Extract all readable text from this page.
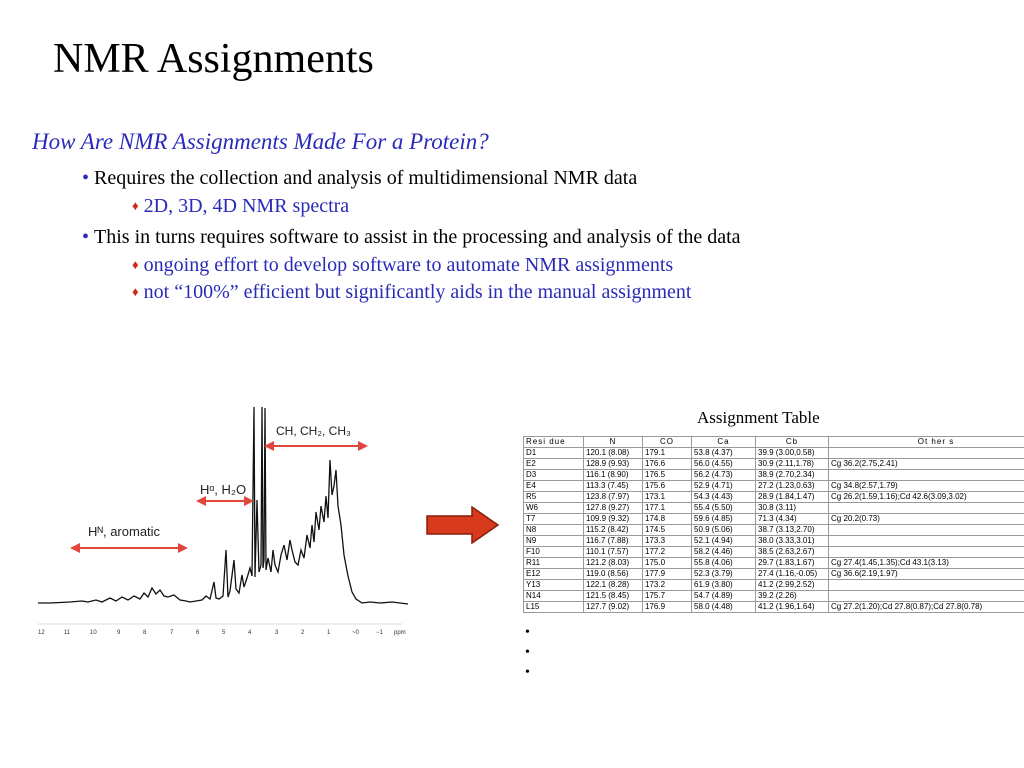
NMR Assignments
How Are NMR Assignments Made For a Protein?
• Requires the collection and analysis of multidimensional NMR data
♦ 2D, 3D, 4D NMR spectra
• This in turns requires software to assist in the processing and analysis of the data
♦ ongoing effort to develop software to automate NMR assignments
♦ not “100%” efficient but significantly aids in the manual assignment
Hᴺ, aromatic
Hᵅ, H₂O
CH, CH₂, CH₃
12	11	10	9	8	7	6	5	4	3	2	1	~0	−1 ppm
Assignment Table
Resi due	N	CO	Ca	Cb	Ot her s
D1	120.1 (8.08)	179.1	53.8 (4.37)	39.9 (3.00,0.58)	
E2	128.9 (9.93)	176.6	56.0 (4.55)	30.9 (2.11,1.78)	Cg 36.2(2.75,2.41)
D3	116.1 (8.90)	176.5	56.2 (4.73)	38.9 (2.70,2.34)	
E4	113.3 (7.45)	175.6	52.9 (4.71)	27.2 (1.23,0.63)	Cg 34.8(2.57,1.79)
R5	123.8 (7.97)	173.1	54.3 (4.43)	28.9 (1.84,1.47)	Cg 26.2(1.59,1.16);Cd 42.6(3.09,3.02)
W6	127.8 (9.27)	177.1	55.4 (5.50)	30.8 (3.11)	
T7	109.9 (9.32)	174.8	59.6 (4.85)	71.3 (4.34)	Cg 20.2(0.73)
N8	115.2 (8.42)	174.5	50.9 (5.06)	38.7 (3.13,2.70)	
N9	116.7 (7.88)	173.3	52.1 (4.94)	38.0 (3.33,3.01)	
F10	110.1 (7.57)	177.2	58.2 (4.46)	38.5 (2.63,2.67)	
R11	121.2 (8.03)	175.0	55.8 (4.06)	29.7 (1.83,1.67)	Cg 27.4(1.45,1.35);Cd 43.1(3.13)
E12	119.0 (8.56)	177.9	52.3 (3.79)	27.4 (1.16,-0.05)	Cg 36.6(2.19,1.97)
Y13	122.1 (8.28)	173.2	61.9 (3.80)	41.2 (2.99,2.52)	
N14	121.5 (8.45)	175.7	54.7 (4.89)	39.2 (2.26)	
L15	127.7 (9.02)	176.9	58.0 (4.48)	41.2 (1.96,1.64)	Cg 27.2(1.20);Cd 27.8(0.87);Cd 27.8(0.78)
•
•
•
